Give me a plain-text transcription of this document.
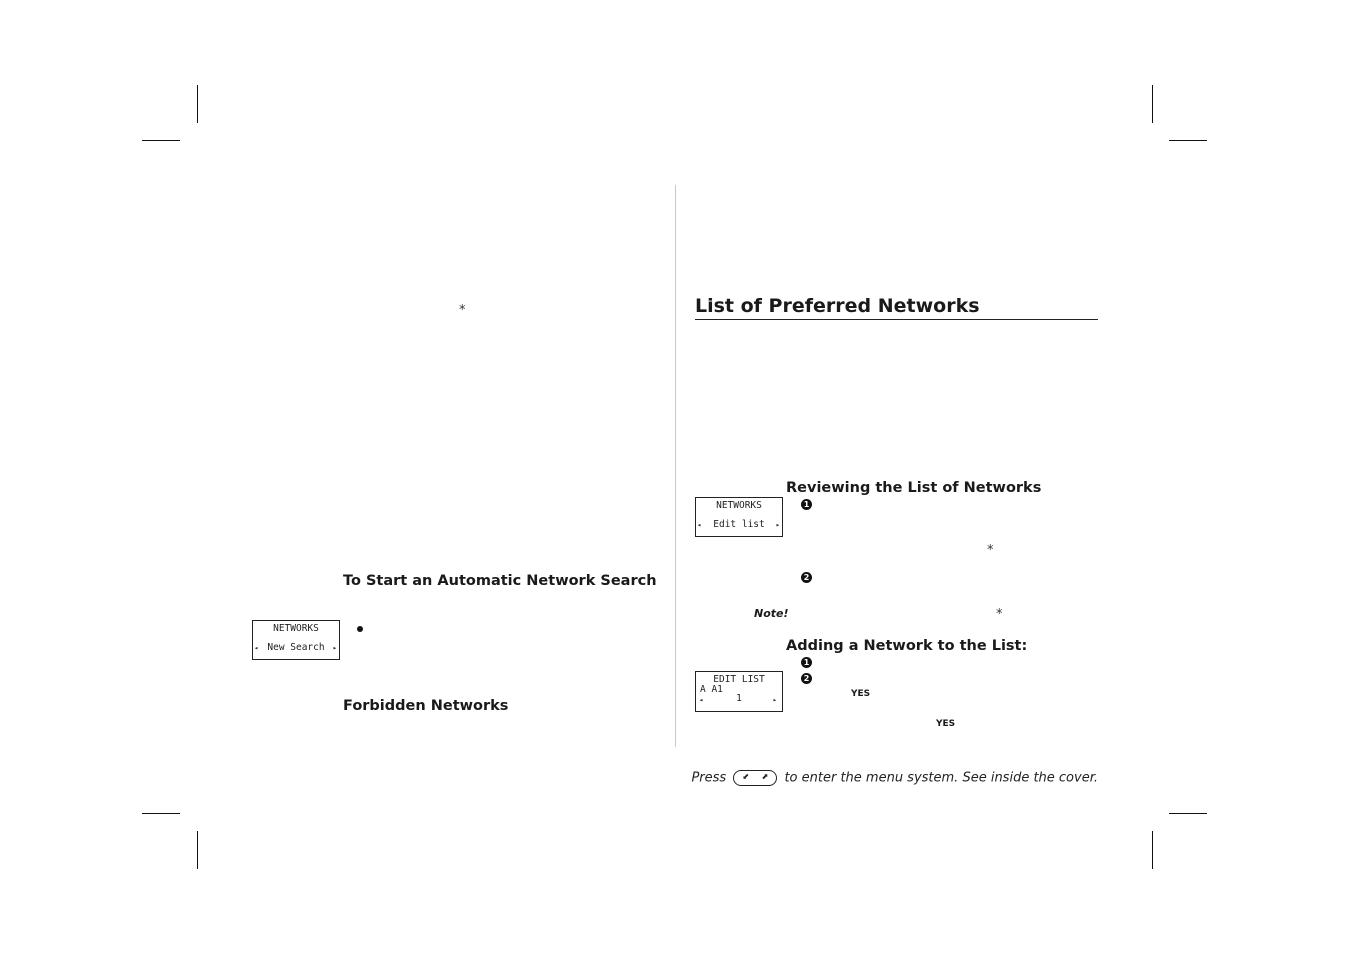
*
To Start an Automatic Network Search
NETWORKS
◂ New Search	▸
Forbidden Networks
List of Preferred Networks
Reviewing the List of Networks
NETWORKS
◂	Edit list	▸
1
*
2
Note!	*
Adding a Network to the List:
1
2
EDIT LIST
A A1
◂	1	▸
YES
YES
Press ⬋ ⬈ to enter the menu system. See inside the cover.
